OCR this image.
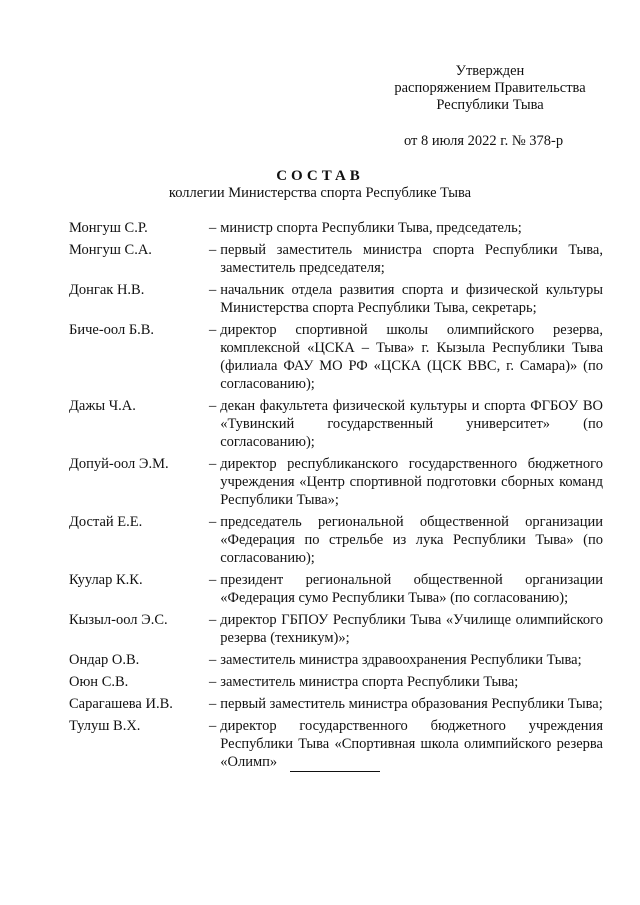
Утвержден
распоряжением Правительства
Республики Тыва
от 8 июля 2022 г. № 378-р
СОСТАВ
коллегии Министерства спорта Республике Тыва
Монгуш С.Р.	– министр спорта Республики Тыва, председатель;
Монгуш С.А.	– первый заместитель министра спорта Республики Тыва, заместитель председателя;
Донгак Н.В.	– начальник отдела развития спорта и физической культуры Министерства спорта Республики Тыва, секретарь;
Биче-оол Б.В.	– директор спортивной школы олимпийского резерва, комплексной «ЦСКА – Тыва» г. Кызыла Республики Тыва (филиала ФАУ МО РФ «ЦСКА (ЦСК ВВС, г. Самара)» (по согласованию);
Дажы Ч.А.	– декан факультета физической культуры и спорта ФГБОУ ВО «Тувинский государственный университет» (по согласованию);
Допуй-оол Э.М.	– директор республиканского государственного бюджетного учреждения «Центр спортивной подготовки сборных команд Республики Тыва»;
Достай Е.Е.	– председатель региональной общественной организации «Федерация по стрельбе из лука Республики Тыва» (по согласованию);
Куулар К.К.	– президент региональной общественной организации «Федерация сумо Республики Тыва» (по согласованию);
Кызыл-оол Э.С.	– директор ГБПОУ Республики Тыва «Училище олимпийского резерва (техникум)»;
Ондар О.В.	– заместитель министра здравоохранения Республики Тыва;
Оюн С.В.	– заместитель министра спорта Республики Тыва;
Сарагашева И.В.	– первый заместитель министра образования Республики Тыва;
Тулуш В.Х.	– директор государственного бюджетного учреждения Республики Тыва «Спортивная школа олимпийского резерва «Олимп»
